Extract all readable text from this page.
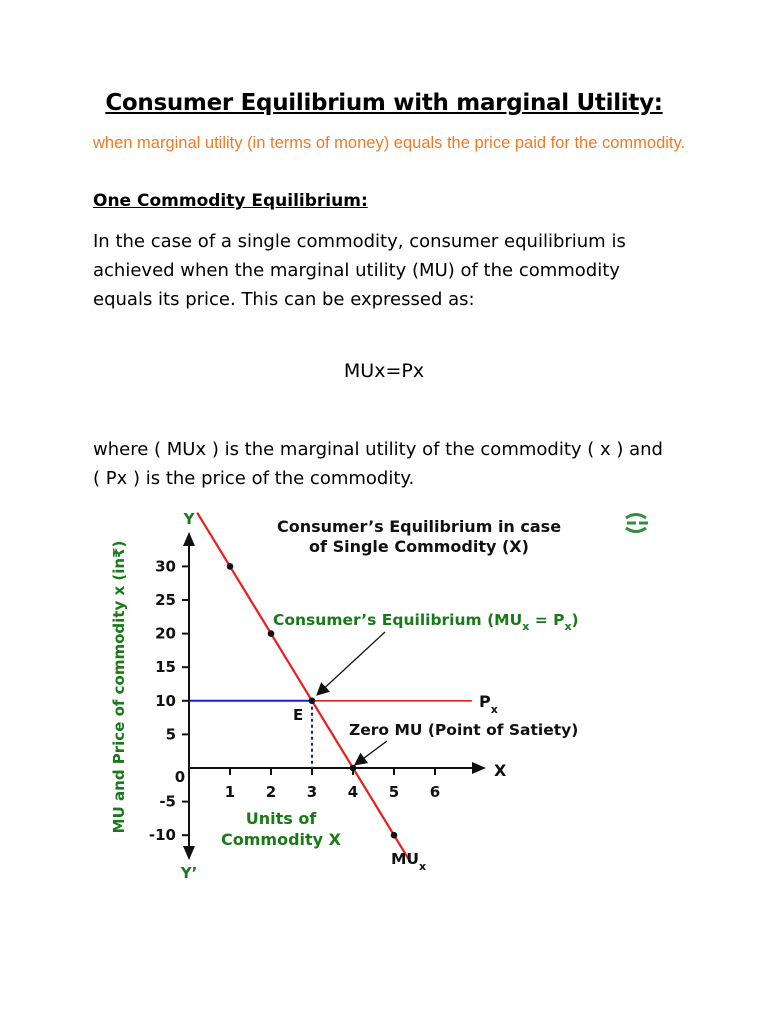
Consumer Equilibrium with marginal Utility:
when marginal utility (in terms of money) equals the price paid for the commodity.
One Commodity Equilibrium:
In the case of a single commodity, consumer equilibrium is achieved when the marginal utility (MU) of the commodity equals its price. This can be expressed as:
MUx=Px
where ( MUx ) is the marginal utility of the commodity ( x ) and ( Px ) is the price of the commodity.
Consumer’s Equilibrium in case
of Single Commodity (X)
MU and Price of commodity x (in₹) 30
25
20
15
10
5
-5
-10
1 2 3 4 5 6
Y
Y’
X
0
Units of
Commodity X
Consumer’s Equilibrium $(MU_x = P_x)$
Zero MU (Point of Satiety)
$P_x$
$MU_x$
E
